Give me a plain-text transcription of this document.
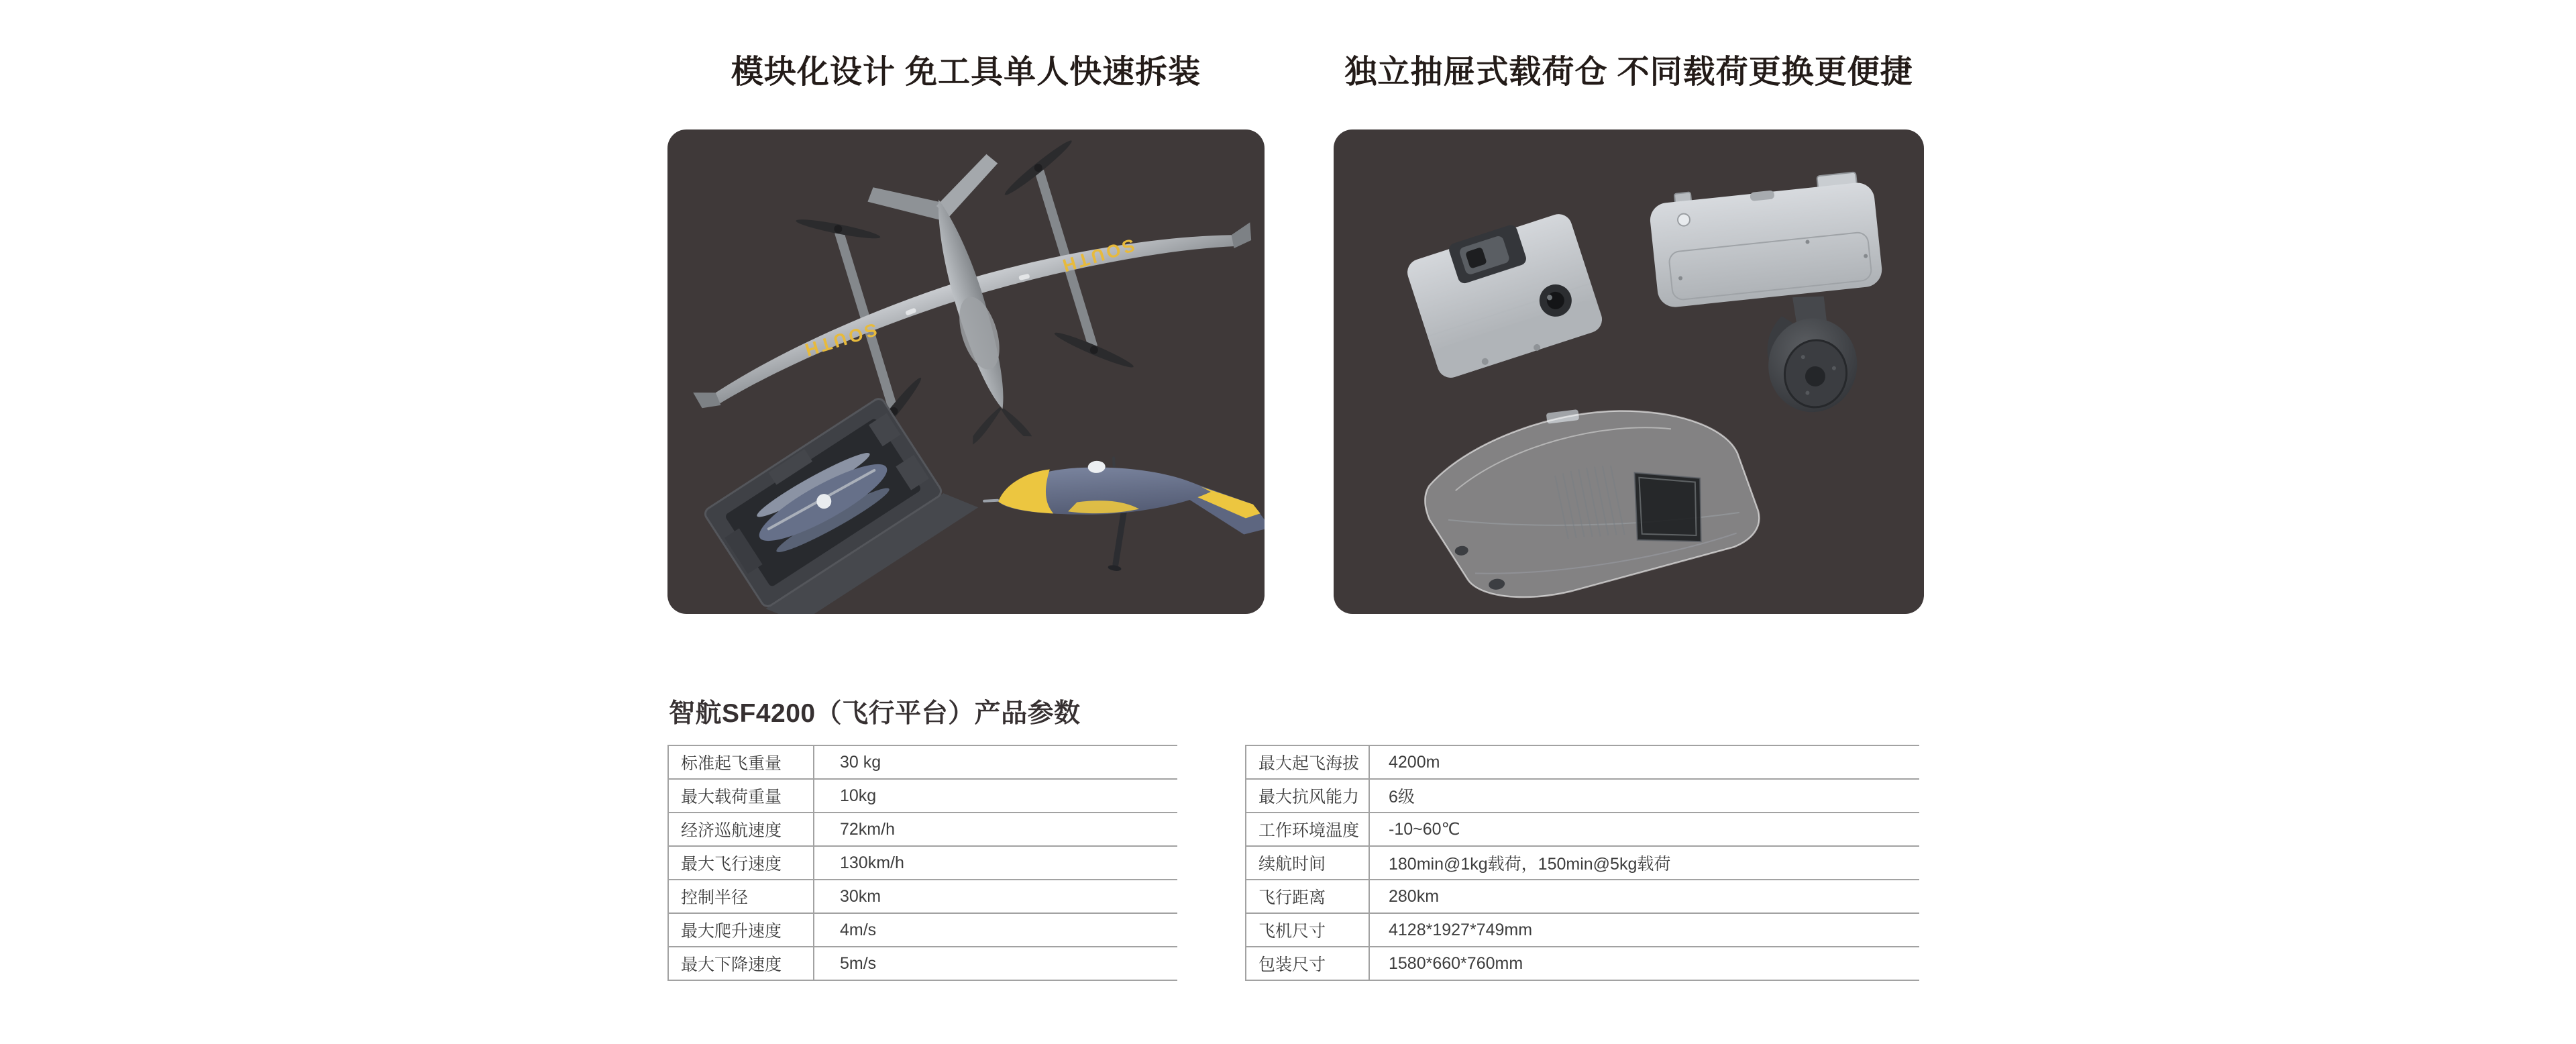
模块化设计 免工具单人快速拆装	独立抽屉式载荷仓 不同载荷更换更便捷
SOUTH
SOUTH
智航SF4200（飞行平台）产品参数
标准起飞重量	30 kg
最大载荷重量	10kg
经济巡航速度	72km/h
最大飞行速度	130km/h
控制半径	30km
最大爬升速度	4m/s
最大下降速度	5m/s
最大起飞海拔	4200m
最大抗风能力	6级
工作环境温度	-10~60℃
续航时间	180min@1kg载荷，150min@5kg载荷
飞行距离	280km
飞机尺寸	4128*1927*749mm
包装尺寸	1580*660*760mm
